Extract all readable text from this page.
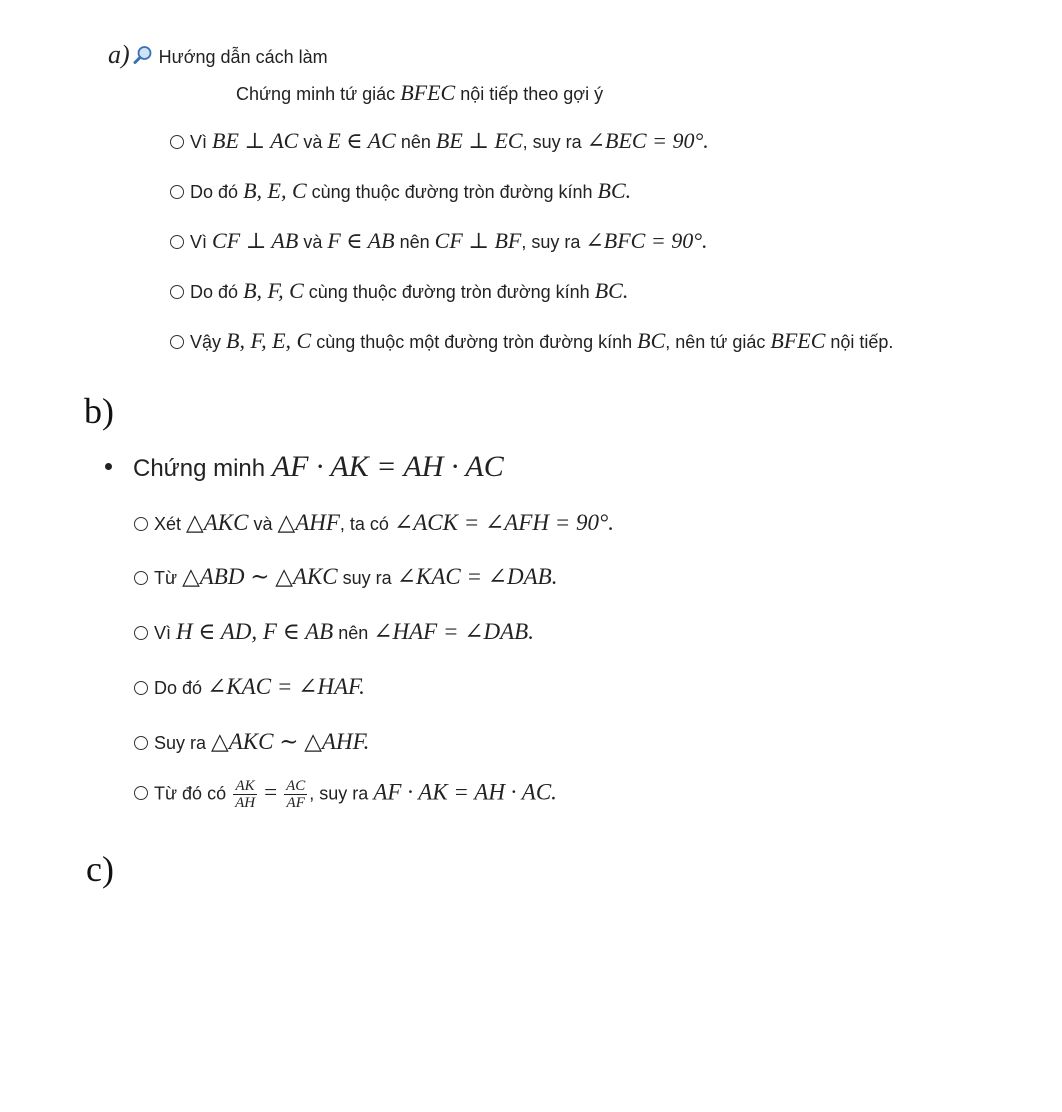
a) Hướng dẫn cách làm
Chứng minh tứ giác BFEC nội tiếp theo gợi ý
Vì BE ⊥ AC và E ∈ AC nên BE ⊥ EC, suy ra ∠BEC = 90°.
Do đó B, E, C cùng thuộc đường tròn đường kính BC.
Vì CF ⊥ AB và F ∈ AB nên CF ⊥ BF, suy ra ∠BFC = 90°.
Do đó B, F, C cùng thuộc đường tròn đường kính BC.
Vậy B, F, E, C cùng thuộc một đường tròn đường kính BC, nên tứ giác BFEC nội tiếp.
b)
Chứng minh AF · AK = AH · AC
Xét △AKC và △AHF, ta có ∠ACK = ∠AFH = 90°.
Từ △ABD ∼ △AKC suy ra ∠KAC = ∠DAB.
Vì H ∈ AD, F ∈ AB nên ∠HAF = ∠DAB.
Do đó ∠KAC = ∠HAF.
Suy ra △AKC ∼ △AHF.
Từ đó có $\frac{AK}{AH} = \frac{AC}{AF}$ , suy ra AF · AK = AH · AC.
c)
